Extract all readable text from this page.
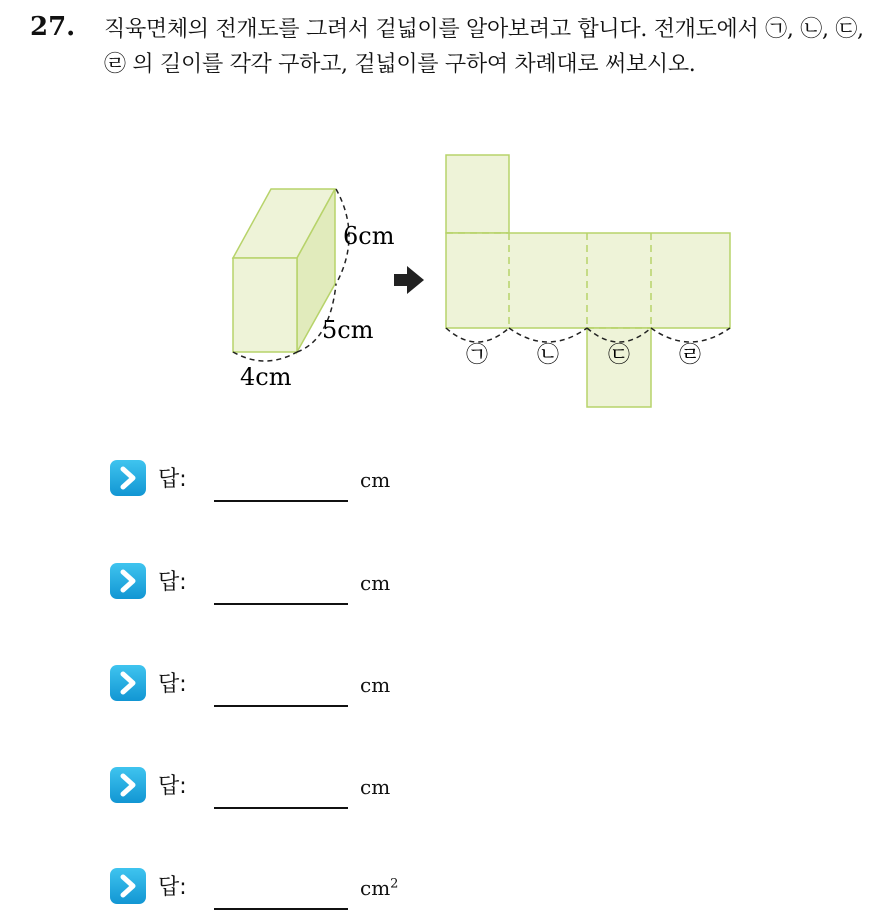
27. 직육면체의 전개도를 그려서 겉넓이를 알아보려고 합니다. 전개도에서 ㉠, ㉡, ㉢, ㉣ 의 길이를 각각 구하고, 겉넓이를 구하여 차례대로 써보시오.
6cm
5cm
4cm
㉠ ㉡ ㉢ ㉣
답:	cm
답:	cm
답:	cm
답:	cm
답:	$cm^2$
